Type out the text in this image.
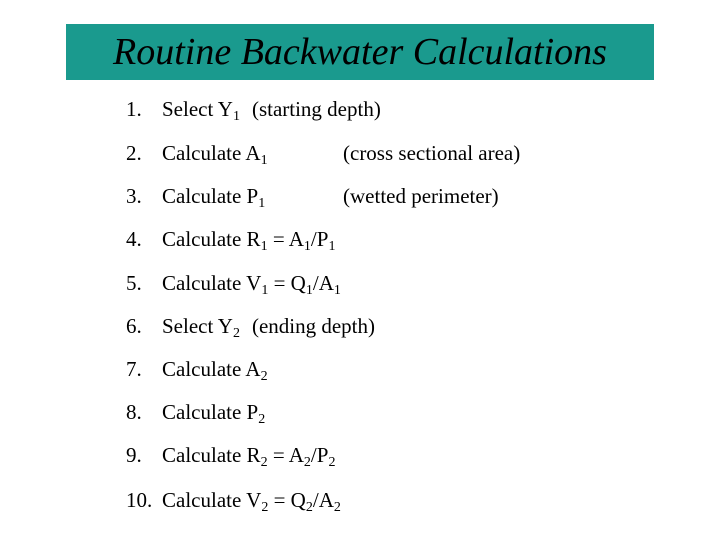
Routine Backwater Calculations
1. Select $Y_1$ (starting depth)
2. Calculate $A_1$	(cross sectional area)
3. Calculate $P_1$	(wetted perimeter)
4. Calculate $R_1 = A_1/P_1$
5. Calculate $V_1 = Q_1/A_1$
6. Select $Y_2$ (ending depth)
7. Calculate $A_2$
8. Calculate $P_2$
9. Calculate $R_2 = A_2/P_2$
10. Calculate $V_2 = Q_2/A_2$
